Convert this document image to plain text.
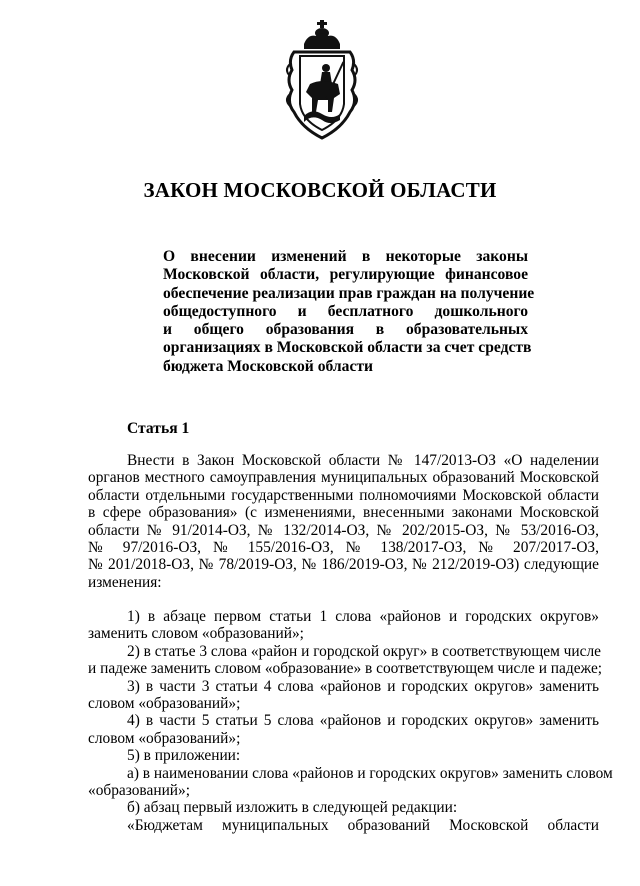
ЗАКОН МОСКОВСКОЙ ОБЛАСТИ
О внесении изменений в некоторые законы
Московской области, регулирующие финансовое
обеспечение реализации прав граждан на получение
общедоступного и бесплатного дошкольного
и общего образования в образовательных
организациях в Московской области за счет средств
бюджета Московской области
Статья 1
Внести в Закон Московской области № 147/2013-ОЗ «О наделении
органов местного самоуправления муниципальных образований Московской
области отдельными государственными полномочиями Московской области
в сфере образования» (с изменениями, внесенными законами Московской
области № 91/2014-ОЗ, № 132/2014-ОЗ, № 202/2015-ОЗ, № 53/2016-ОЗ,
№ 97/2016-ОЗ, № 155/2016-ОЗ, № 138/2017-ОЗ, № 207/2017-ОЗ,
№ 201/2018-ОЗ, № 78/2019-ОЗ, № 186/2019-ОЗ, № 212/2019-ОЗ) следующие
изменения:
1) в абзаце первом статьи 1 слова «районов и городских округов»
заменить словом «образований»;
2) в статье 3 слова «район и городской округ» в соответствующем числе
и падеже заменить словом «образование» в соответствующем числе и падеже;
3) в части 3 статьи 4 слова «районов и городских округов» заменить
словом «образований»;
4) в части 5 статьи 5 слова «районов и городских округов» заменить
словом «образований»;
5) в приложении:
а) в наименовании слова «районов и городских округов» заменить словом
«образований»;
б) абзац первый изложить в следующей редакции:
«Бюджетам муниципальных образований Московской области
